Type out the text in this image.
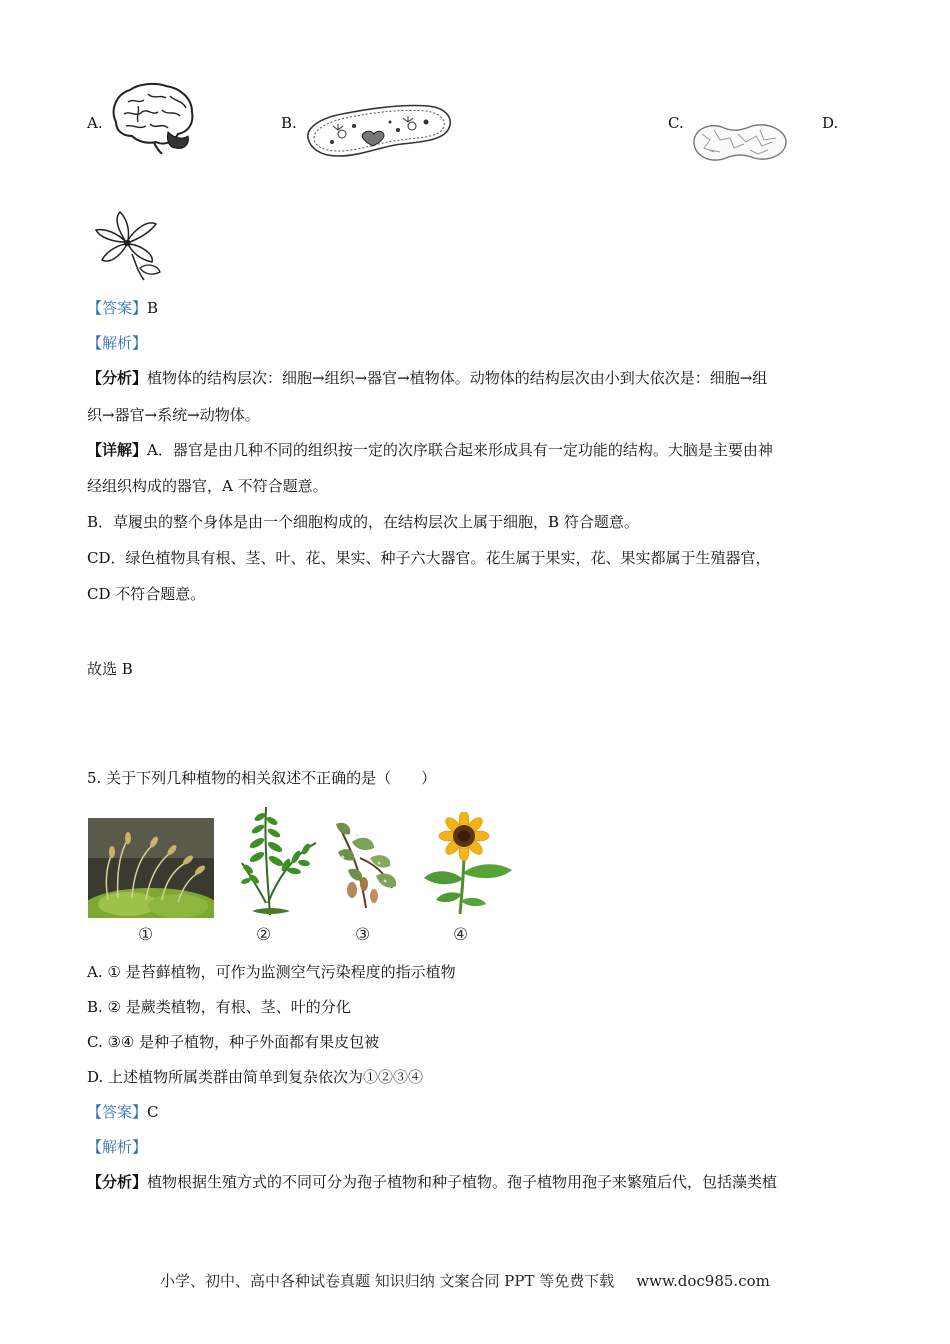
A.	B.	C.	D.
【答案】B
【解析】
【分析】植物体的结构层次：细胞→组织→器官→植物体。动物体的结构层次由小到大依次是：细胞→组
织→器官→系统→动物体。
【详解】A．器官是由几种不同的组织按一定的次序联合起来形成具有一定功能的结构。大脑是主要由神
经组织构成的器官，A 不符合题意。
B．草履虫的整个身体是由一个细胞构成的，在结构层次上属于细胞，B 符合题意。
CD．绿色植物具有根、茎、叶、花、果实、种子六大器官。花生属于果实，花、果实都属于生殖器官，
CD 不符合题意。
故选 B
5. 关于下列几种植物的相关叙述不正确的是（　　）
①	②	③	④
A. ① 是苔藓植物，可作为监测空气污染程度的指示植物
B. ② 是蕨类植物，有根、茎、叶的分化
C. ③④ 是种子植物，种子外面都有果皮包被
D. 上述植物所属类群由简单到复杂依次为①②③④
【答案】C
【解析】
【分析】植物根据生殖方式的不同可分为孢子植物和种子植物。孢子植物用孢子来繁殖后代，包括藻类植
小学、初中、高中各种试卷真题 知识归纳 文案合同 PPT 等免费下载 www.doc985.com
